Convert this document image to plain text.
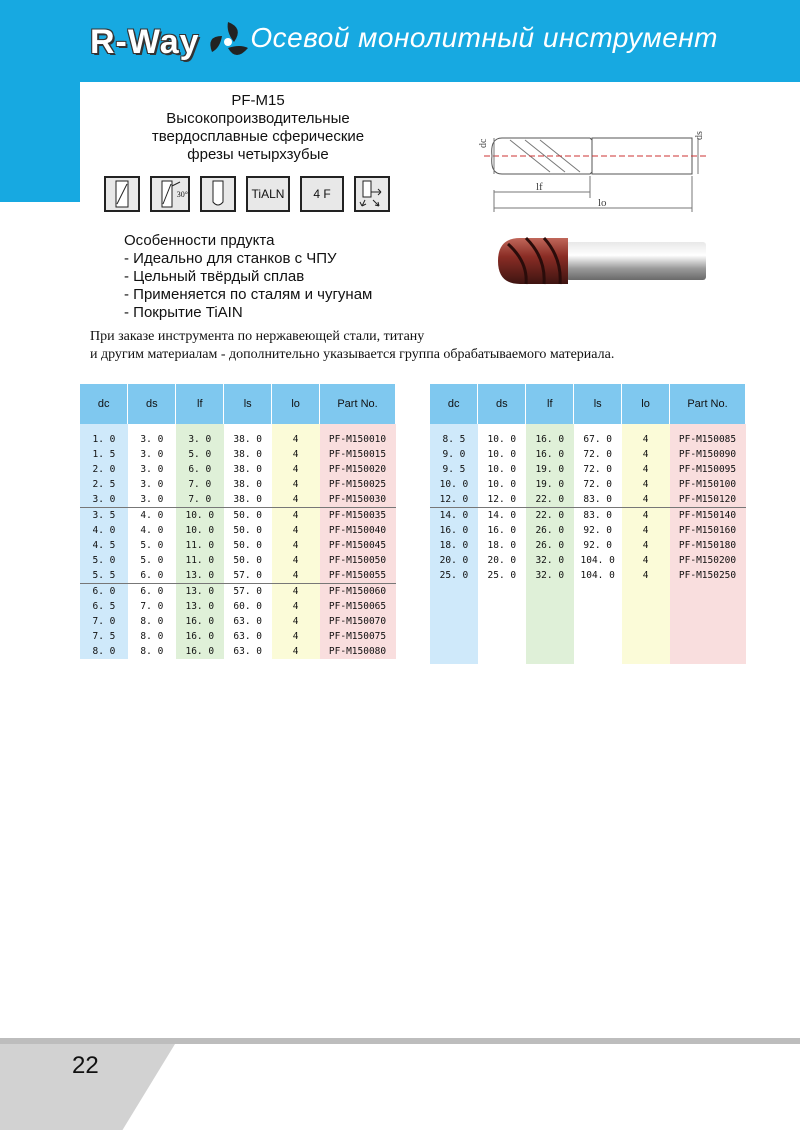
R-Way Осевой монолитный инструмент
PF-M15
Высокопроизводительные
твердосплавные сферические
фрезы четырхзубые
30°	TiALN	4 F
Особенности прдукта
- Идеально для станков с ЧПУ
- Цельный твёрдый сплав
- Применяется по сталям и чугунам
- Покрытие TiAIN
dc
ds
lf
lo
При заказе инструмента по нержавеющей стали, титану
и другим материалам - дополнительно указывается группа обрабатываемого материала.
dc	ds	lf	ls	lo	Part No.
1. 0	3. 0	3. 0	38. 0	4	PF-M150010
1. 5	3. 0	5. 0	38. 0	4	PF-M150015
2. 0	3. 0	6. 0	38. 0	4	PF-M150020
2. 5	3. 0	7. 0	38. 0	4	PF-M150025
3. 0	3. 0	7. 0	38. 0	4	PF-M150030
3. 5	4. 0	10. 0	50. 0	4	PF-M150035
4. 0	4. 0	10. 0	50. 0	4	PF-M150040
4. 5	5. 0	11. 0	50. 0	4	PF-M150045
5. 0	5. 0	11. 0	50. 0	4	PF-M150050
5. 5	6. 0	13. 0	57. 0	4	PF-M150055
6. 0	6. 0	13. 0	57. 0	4	PF-M150060
6. 5	7. 0	13. 0	60. 0	4	PF-M150065
7. 0	8. 0	16. 0	63. 0	4	PF-M150070
7. 5	8. 0	16. 0	63. 0	4	PF-M150075
8. 0	8. 0	16. 0	63. 0	4	PF-M150080
dc	ds	lf	ls	lo	Part No.
8. 5	10. 0	16. 0	67. 0	4	PF-M150085
9. 0	10. 0	16. 0	72. 0	4	PF-M150090
9. 5	10. 0	19. 0	72. 0	4	PF-M150095
10. 0	10. 0	19. 0	72. 0	4	PF-M150100
12. 0	12. 0	22. 0	83. 0	4	PF-M150120
14. 0	14. 0	22. 0	83. 0	4	PF-M150140
16. 0	16. 0	26. 0	92. 0	4	PF-M150160
18. 0	18. 0	26. 0	92. 0	4	PF-M150180
20. 0	20. 0	32. 0	104. 0	4	PF-M150200
25. 0	25. 0	32. 0	104. 0	4	PF-M150250

22
